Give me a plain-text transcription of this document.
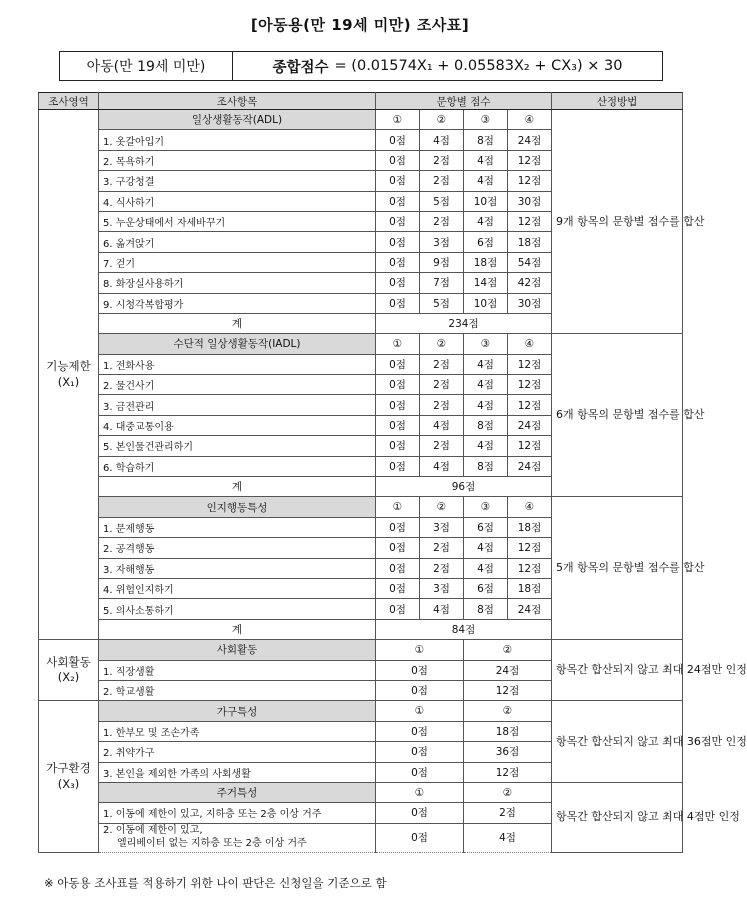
[아동용(만 19세 미만) 조사표]
아동(만 19세 미만)	종합점수 = (0.01574X₁ + 0.05583X₂ + CX₃) × 30
조사영역	조사항목	문항별 점수				산정방법

기능제한
(X₁)	일상생활동작(ADL)	①	②	③	④	9개 항목의 문항별 점수를 합산
	1. 옷갈아입기	0점	4점	8점	24점	
	2. 목욕하기	0점	2점	4점	12점	
	3. 구강청결	0점	2점	4점	12점	
	4. 식사하기	0점	5점	10점	30점	
	5. 누운상태에서 자세바꾸기	0점	2점	4점	12점	
	6. 옮겨앉기	0점	3점	6점	18점	
	7. 걷기	0점	9점	18점	54점	
	8. 화장실사용하기	0점	7점	14점	42점	
	9. 시청각복합평가	0점	5점	10점	30점	
	계	234점				
	수단적 일상생활동작(IADL)	①	②	③	④	6개 항목의 문항별 점수를 합산
	1. 전화사용	0점	2점	4점	12점	
	2. 물건사기	0점	2점	4점	12점	
	3. 금전관리	0점	2점	4점	12점	
	4. 대중교통이용	0점	4점	8점	24점	
	5. 본인물건관리하기	0점	2점	4점	12점	
	6. 학습하기	0점	4점	8점	24점	
	계	96점				
	인지행동특성	①	②	③	④	5개 항목의 문항별 점수를 합산
	1. 문제행동	0점	3점	6점	18점	
	2. 공격행동	0점	2점	4점	12점	
	3. 자해행동	0점	2점	4점	12점	
	4. 위험인지하기	0점	3점	6점	18점	
	5. 의사소통하기	0점	4점	8점	24점	
	계	84점				

사회활동
(X₂)	사회활동	①		②		항목간 합산되지 않고 최대 24점만 인정
	1. 직장생활	0점		24점		
	2. 학교생활	0점		12점		

가구환경
(X₃)	가구특성	①		②		항목간 합산되지 않고 최대 36점만 인정
	1. 한부모 및 조손가족	0점		18점		
	2. 취약가구	0점		36점		
	3. 본인을 제외한 가족의 사회생활	0점		12점		
	주거특성	①		②		항목간 합산되지 않고 최대 4점만 인정
	1. 이동에 제한이 있고, 지하층 또는 2층 이상 거주	0점		2점		

	2. 이동에 제한이 있고,
엘리베이터 없는 지하층 또는 2층 이상 거주	0점		4점		
※ 아동용 조사표를 적용하기 위한 나이 판단은 신청일을 기준으로 함
